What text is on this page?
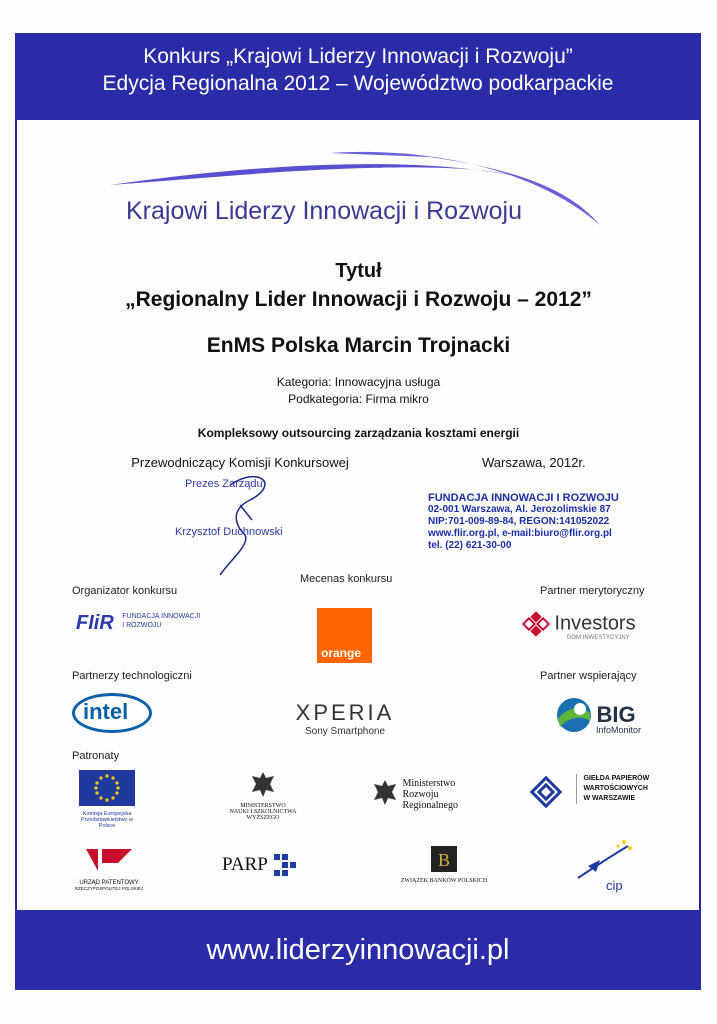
Konkurs „Krajowi Liderzy Innowacji i Rozwoju”
Edycja Regionalna 2012 – Województwo podkarpackie
Krajowi Liderzy Innowacji i Rozwoju
Tytuł
„Regionalny Lider Innowacji i Rozwoju – 2012”
EnMS Polska Marcin Trojnacki
Kategoria: Innowacyjna usługa
Podkategoria: Firma mikro
Kompleksowy outsourcing zarządzania kosztami energii
Przewodniczący Komisji Konkursowej	Warszawa, 2012r.
Prezes Zarządu
Krzysztof Duchnowski
FUNDACJA INNOWACJI I ROZWOJU
02-001 Warszawa, Al. Jerozolimskie 87
NIP:701-009-89-84, REGON:141052022
www.flir.org.pl, e-mail:biuro@flir.org.pl
tel. (22) 621-30-00
Organizator konkursu
Mecenas konkursu
Partner merytoryczny
Partnerzy technologiczni	Partner wspierający
Patronaty
FIiR FUNDACJA INNOWACJI
I ROZWOJU
orange
Investors
DOM INWESTYCYJNY
intel	XPERIA
Sony Smartphone
BIG
InfoMonitor
Komisja Europejska
Przedstawicielstwo w Polsce
MINISTERSTWO
NAUKI I SZKOLNICTWA
WYŻSZEGO

Ministerstwo
Rozwoju
Regionalnego

GIEŁDA PAPIERÓW
WARTOŚCIOWYCH
W WARSZAWIE
URZĄD PATENTOWY
RZECZYPOSPOLITEJ POLSKIEJ
PARP	B
ZWIĄZEK BANKÓW POLSKICH	cip
www.liderzyinnowacji.pl
